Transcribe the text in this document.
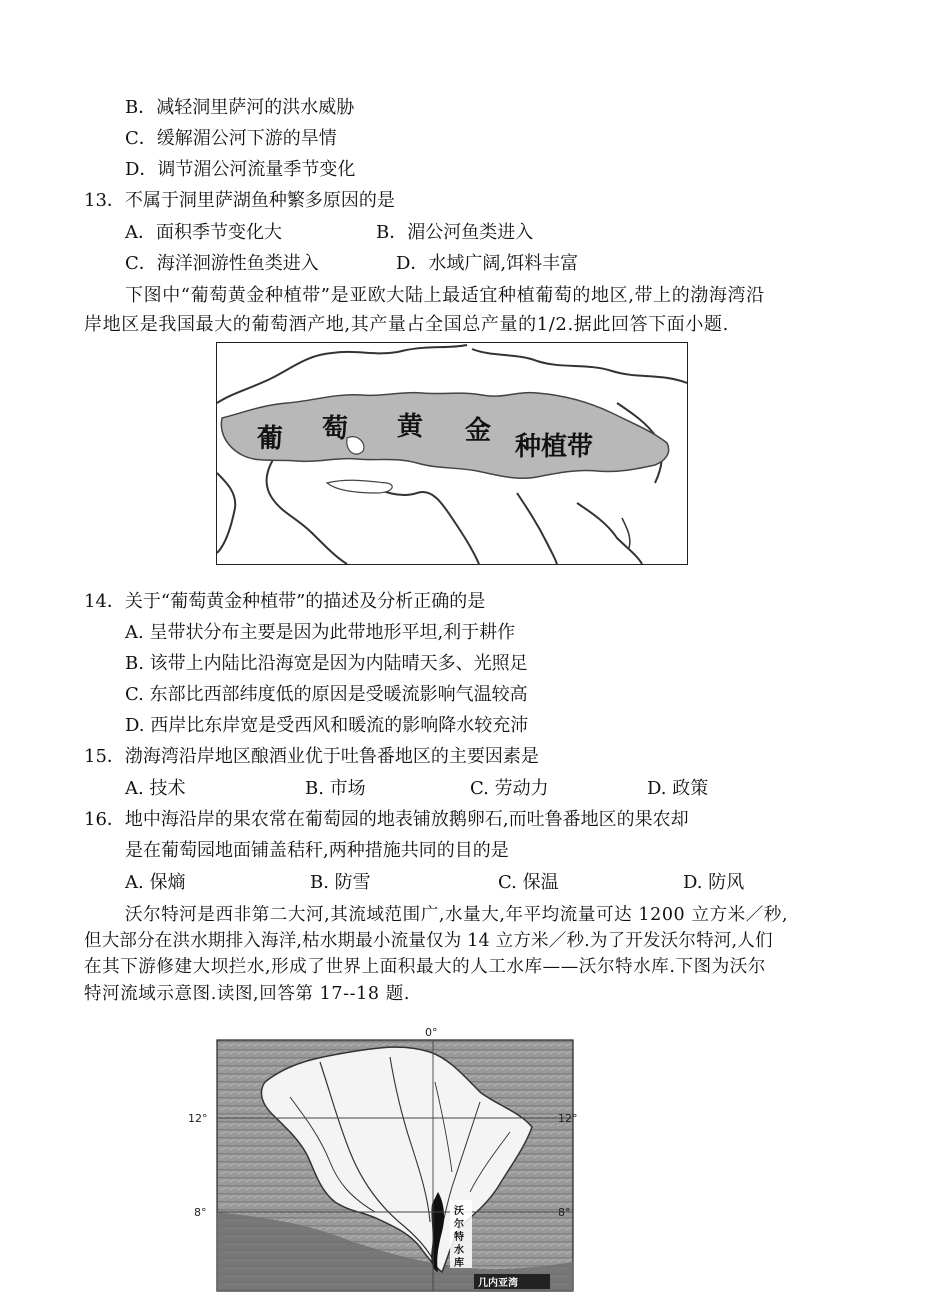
B．减轻洞里萨河的洪水威胁
C．缓解湄公河下游的旱情
D．调节湄公河流量季节变化
13．不属于洞里萨湖鱼种繁多原因的是
A．面积季节变化大	B．湄公河鱼类进入
C．海洋洄游性鱼类进入	D．水域广阔,饵料丰富
下图中“葡萄黄金种植带”是亚欧大陆上最适宜种植葡萄的地区,带上的渤海湾沿
岸地区是我国最大的葡萄酒产地,其产量占全国总产量的1/2.据此回答下面小题.
葡 萄 黄 金
种植带
14．关于“葡萄黄金种植带”的描述及分析正确的是
A. 呈带状分布主要是因为此带地形平坦,利于耕作
B. 该带上内陆比沿海宽是因为内陆晴天多、光照足
C. 东部比西部纬度低的原因是受暖流影响气温较高
D. 西岸比东岸宽是受西风和暖流的影响降水较充沛
15．渤海湾沿岸地区酿酒业优于吐鲁番地区的主要因素是
A. 技术	B. 市场	C. 劳动力	D. 政策
16．地中海沿岸的果农常在葡萄园的地表铺放鹅卵石,而吐鲁番地区的果农却
是在葡萄园地面铺盖秸秆,两种措施共同的目的是
A. 保熵	B. 防雪	C. 保温	D. 防风
沃尔特河是西非第二大河,其流域范围广,水量大,年平均流量可达 1200 立方米／秒,
但大部分在洪水期排入海洋,枯水期最小流量仅为 14 立方米／秒.为了开发沃尔特河,人们
在其下游修建大坝拦水,形成了世界上面积最大的人工水库——沃尔特水库.下图为沃尔
特河流域示意图.读图,回答第 17--18 题.
沃
尔
特
水
库
几内亚湾
0°
12°	12°
8°	8°
